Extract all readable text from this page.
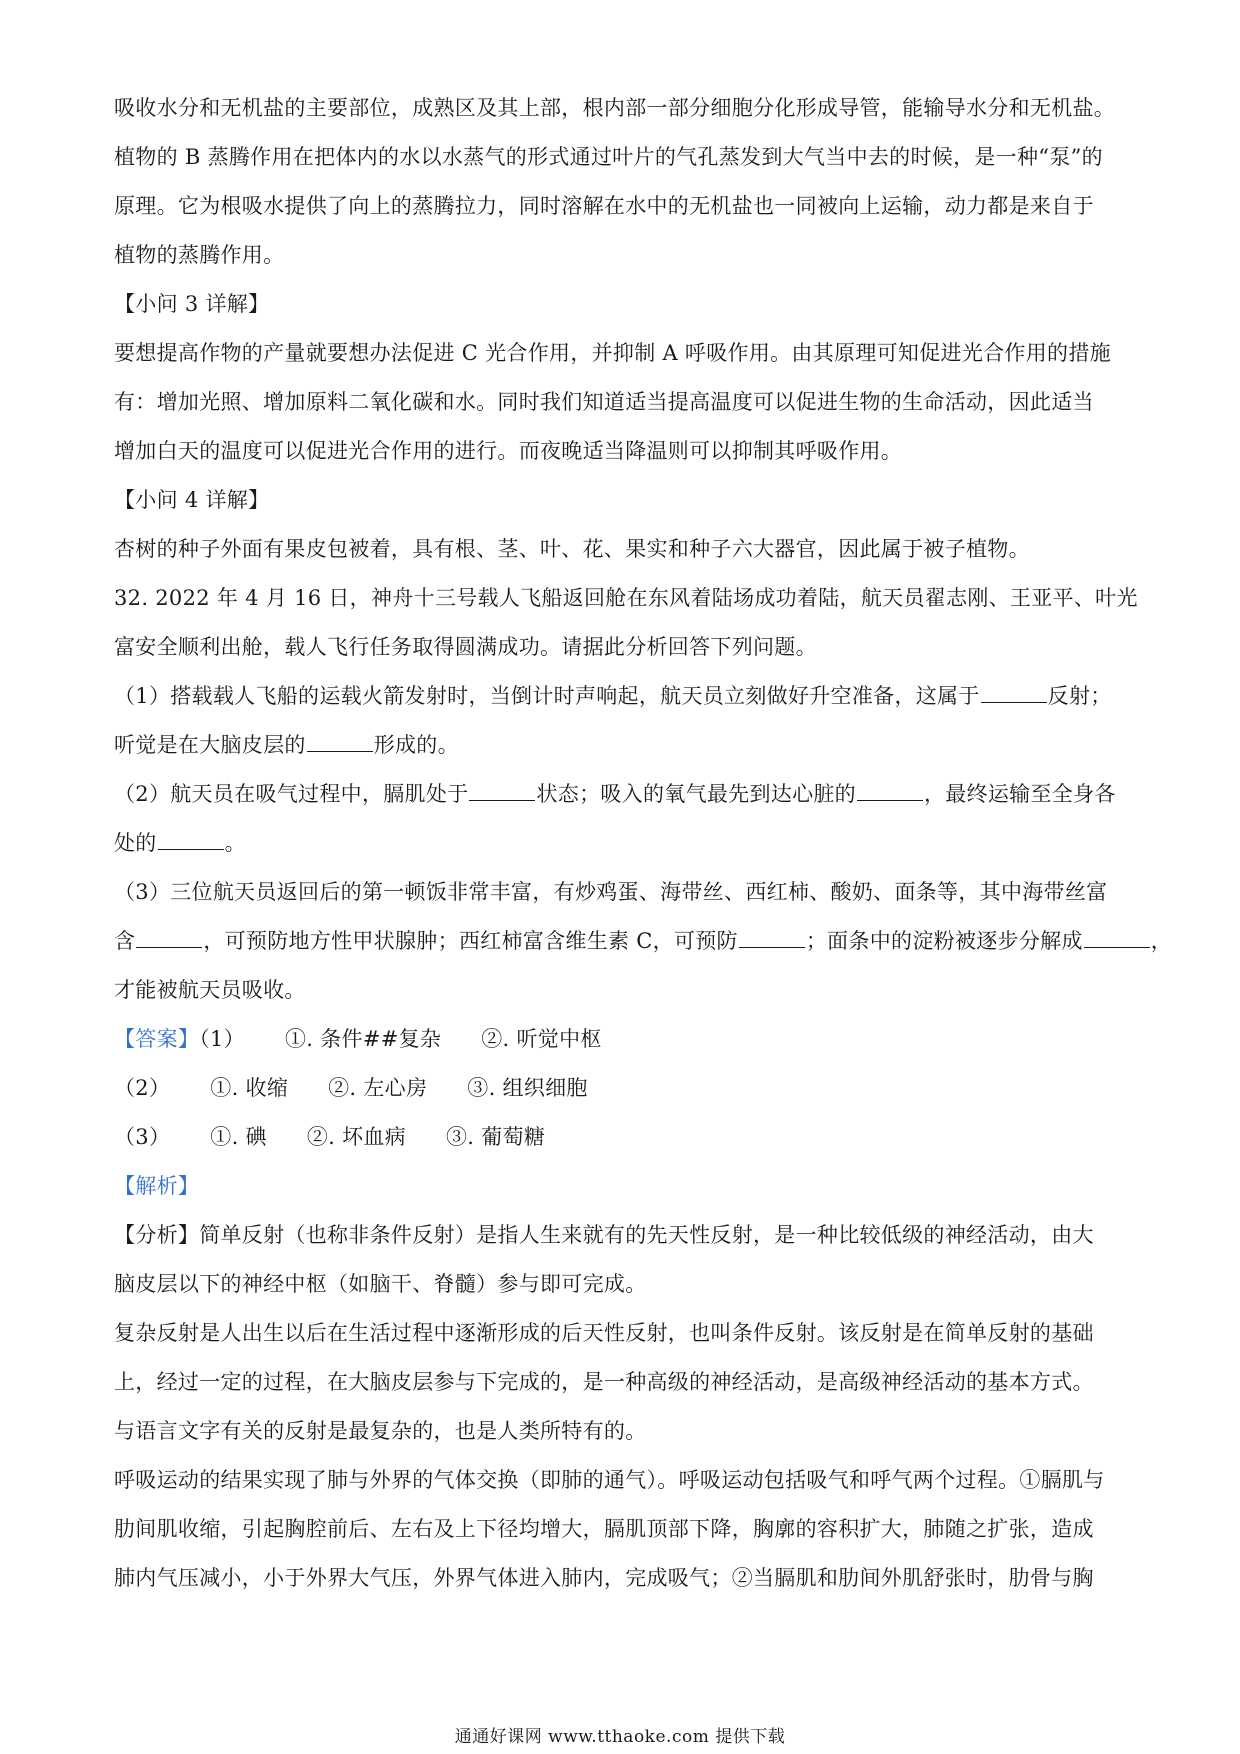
吸收水分和无机盐的主要部位，成熟区及其上部，根内部一部分细胞分化形成导管，能输导水分和无机盐。
植物的 B 蒸腾作用在把体内的水以水蒸气的形式通过叶片的气孔蒸发到大气当中去的时候，是一种“泵”的
原理。它为根吸水提供了向上的蒸腾拉力，同时溶解在水中的无机盐也一同被向上运输，动力都是来自于
植物的蒸腾作用。
【小问 3 详解】
要想提高作物的产量就要想办法促进 C 光合作用，并抑制 A 呼吸作用。由其原理可知促进光合作用的措施
有：增加光照、增加原料二氧化碳和水。同时我们知道适当提高温度可以促进生物的生命活动，因此适当
增加白天的温度可以促进光合作用的进行。而夜晚适当降温则可以抑制其呼吸作用。
【小问 4 详解】
杏树的种子外面有果皮包被着，具有根、茎、叶、花、果实和种子六大器官，因此属于被子植物。
32. 2022 年 4 月 16 日，神舟十三号载人飞船返回舱在东风着陆场成功着陆，航天员翟志刚、王亚平、叶光
富安全顺利出舱，载人飞行任务取得圆满成功。请据此分析回答下列问题。
（1）搭载载人飞船的运载火箭发射时，当倒计时声响起，航天员立刻做好升空准备，这属于	反射；
听觉是在大脑皮层的	形成的。
（2）航天员在吸气过程中，膈肌处于	状态；吸入的氧气最先到达心脏的	，最终运输至全身各
处的	。
（3）三位航天员返回后的第一顿饭非常丰富，有炒鸡蛋、海带丝、西红柿、酸奶、面条等，其中海带丝富
含	，可预防地方性甲状腺肿；西红柿富含维生素 C，可预防	；面条中的淀粉被逐步分解成	，
才能被航天员吸收。
【答案】（1） ①. 条件##复杂 ②. 听觉中枢
（2） ①. 收缩 ②. 左心房 ③. 组织细胞
（3） ①. 碘 ②. 坏血病 ③. 葡萄糖
【解析】
【分析】简单反射（也称非条件反射）是指人生来就有的先天性反射，是一种比较低级的神经活动，由大
脑皮层以下的神经中枢（如脑干、脊髓）参与即可完成。
复杂反射是人出生以后在生活过程中逐渐形成的后天性反射，也叫条件反射。该反射是在简单反射的基础
上，经过一定的过程，在大脑皮层参与下完成的，是一种高级的神经活动，是高级神经活动的基本方式。
与语言文字有关的反射是最复杂的，也是人类所特有的。
呼吸运动的结果实现了肺与外界的气体交换（即肺的通气）。呼吸运动包括吸气和呼气两个过程。①膈肌与
肋间肌收缩，引起胸腔前后、左右及上下径均增大，膈肌顶部下降，胸廓的容积扩大，肺随之扩张，造成
肺内气压减小，小于外界大气压，外界气体进入肺内，完成吸气；②当膈肌和肋间外肌舒张时，肋骨与胸
通通好课网 www.tthaoke.com 提供下载
